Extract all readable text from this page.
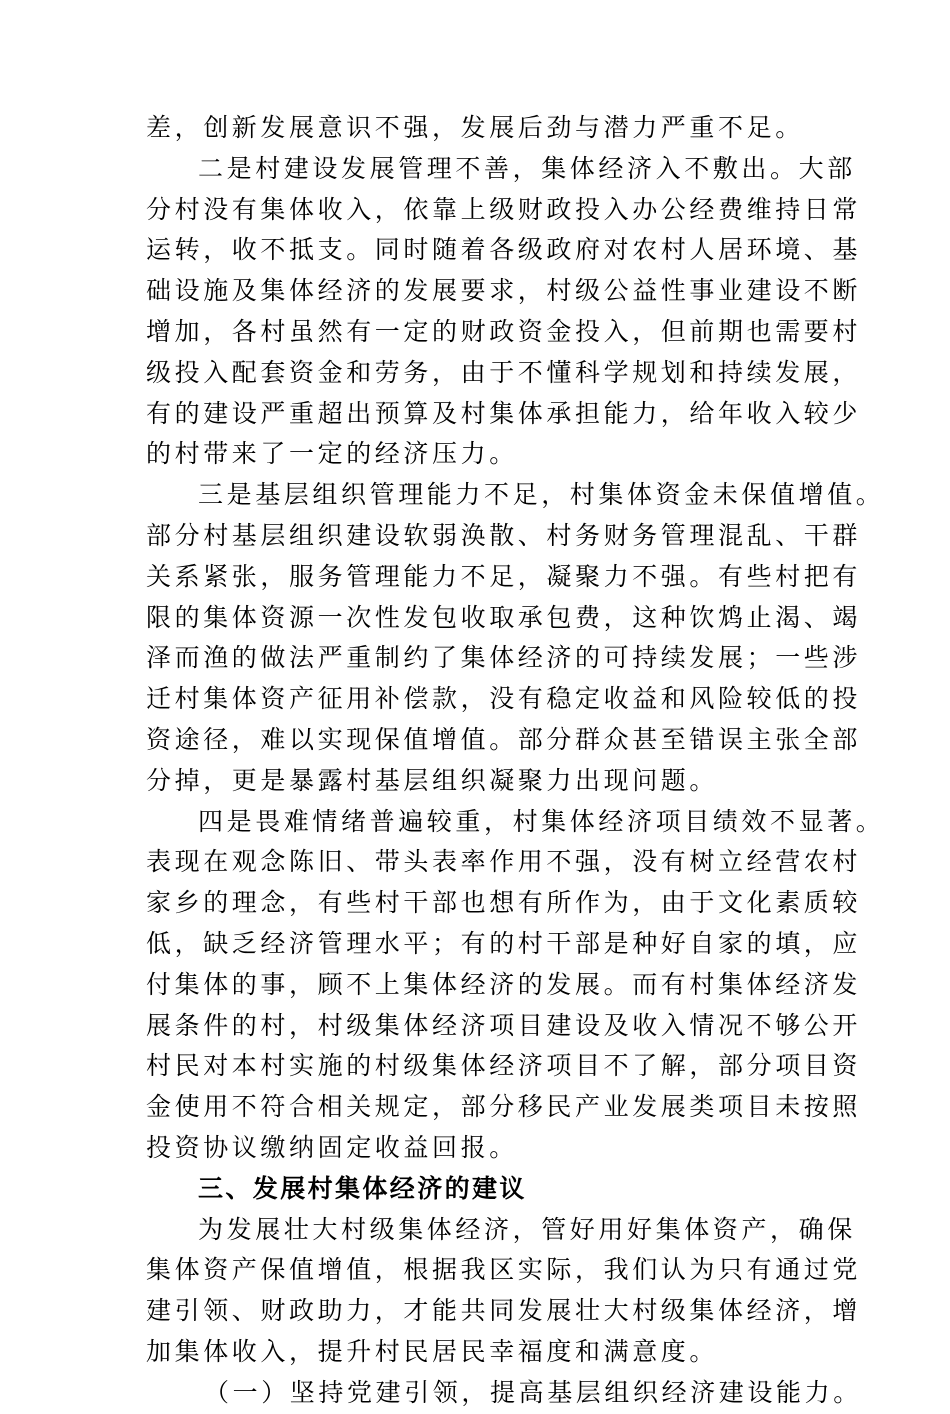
差，创新发展意识不强，发展后劲与潜力严重不足。
二是村建设发展管理不善，集体经济入不敷出。大部
分村没有集体收入，依靠上级财政投入办公经费维持日常
运转，收不抵支。同时随着各级政府对农村人居环境、基
础设施及集体经济的发展要求，村级公益性事业建设不断
增加，各村虽然有一定的财政资金投入，但前期也需要村
级投入配套资金和劳务，由于不懂科学规划和持续发展，
有的建设严重超出预算及村集体承担能力，给年收入较少
的村带来了一定的经济压力。
三是基层组织管理能力不足，村集体资金未保值增值。
部分村基层组织建设软弱涣散、村务财务管理混乱、干群
关系紧张，服务管理能力不足，凝聚力不强。有些村把有
限的集体资源一次性发包收取承包费，这种饮鸩止渴、竭
泽而渔的做法严重制约了集体经济的可持续发展；一些涉
迁村集体资产征用补偿款，没有稳定收益和风险较低的投
资途径，难以实现保值增值。部分群众甚至错误主张全部
分掉，更是暴露村基层组织凝聚力出现问题。
四是畏难情绪普遍较重，村集体经济项目绩效不显著。
表现在观念陈旧、带头表率作用不强，没有树立经营农村
家乡的理念，有些村干部也想有所作为，由于文化素质较
低，缺乏经济管理水平；有的村干部是种好自家的填，应
付集体的事，顾不上集体经济的发展。而有村集体经济发
展条件的村，村级集体经济项目建设及收入情况不够公开
村民对本村实施的村级集体经济项目不了解，部分项目资
金使用不符合相关规定，部分移民产业发展类项目未按照
投资协议缴纳固定收益回报。
三、发展村集体经济的建议
为发展壮大村级集体经济，管好用好集体资产，确保
集体资产保值增值，根据我区实际，我们认为只有通过党
建引领、财政助力，才能共同发展壮大村级集体经济，增
加集体收入，提升村民居民幸福度和满意度。
（一）坚持党建引领，提高基层组织经济建设能力。
